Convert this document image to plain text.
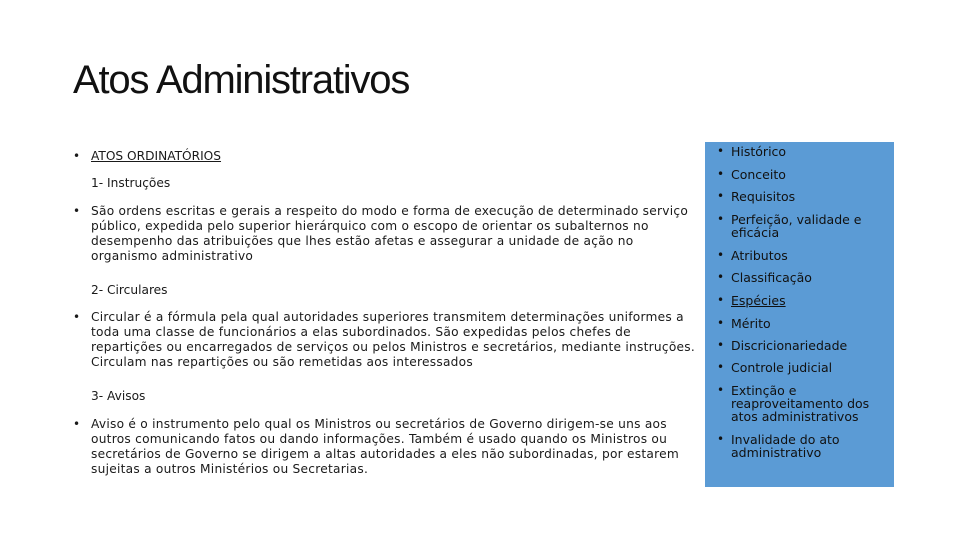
Atos Administrativos
• ATOS ORDINATÓRIOS

1- Instruções

• São ordens escritas e gerais a respeito do modo e forma de execução de determinado serviço público, expedida pelo superior hierárquico com o escopo de orientar os subalternos no desempenho das atribuições que lhes estão afetas e assegurar a unidade de ação no organismo administrativo

2- Circulares

• Circular é a fórmula pela qual autoridades superiores transmitem determinações uniformes a toda uma classe de funcionários a elas subordinados. São expedidas pelos chefes de repartições ou encarregados de serviços ou pelos Ministros e secretários, mediante instruções. Circulam nas repartições ou são remetidas aos interessados

3- Avisos

• Aviso é o instrumento pelo qual os Ministros ou secretários de Governo dirigem-se uns aos outros comunicando fatos ou dando informações. Também é usado quando os Ministros ou secretários de Governo se dirigem a altas autoridades a eles não subordinadas, por estarem sujeitas a outros Ministérios ou Secretarias.
• Histórico
• Conceito
• Requisitos
• Perfeição, validade e eficácia
• Atributos
• Classificação
• Espécies
• Mérito
• Discricionariedade
• Controle judicial
• Extinção e reaproveitamento dos atos administrativos
• Invalidade do ato administrativo
